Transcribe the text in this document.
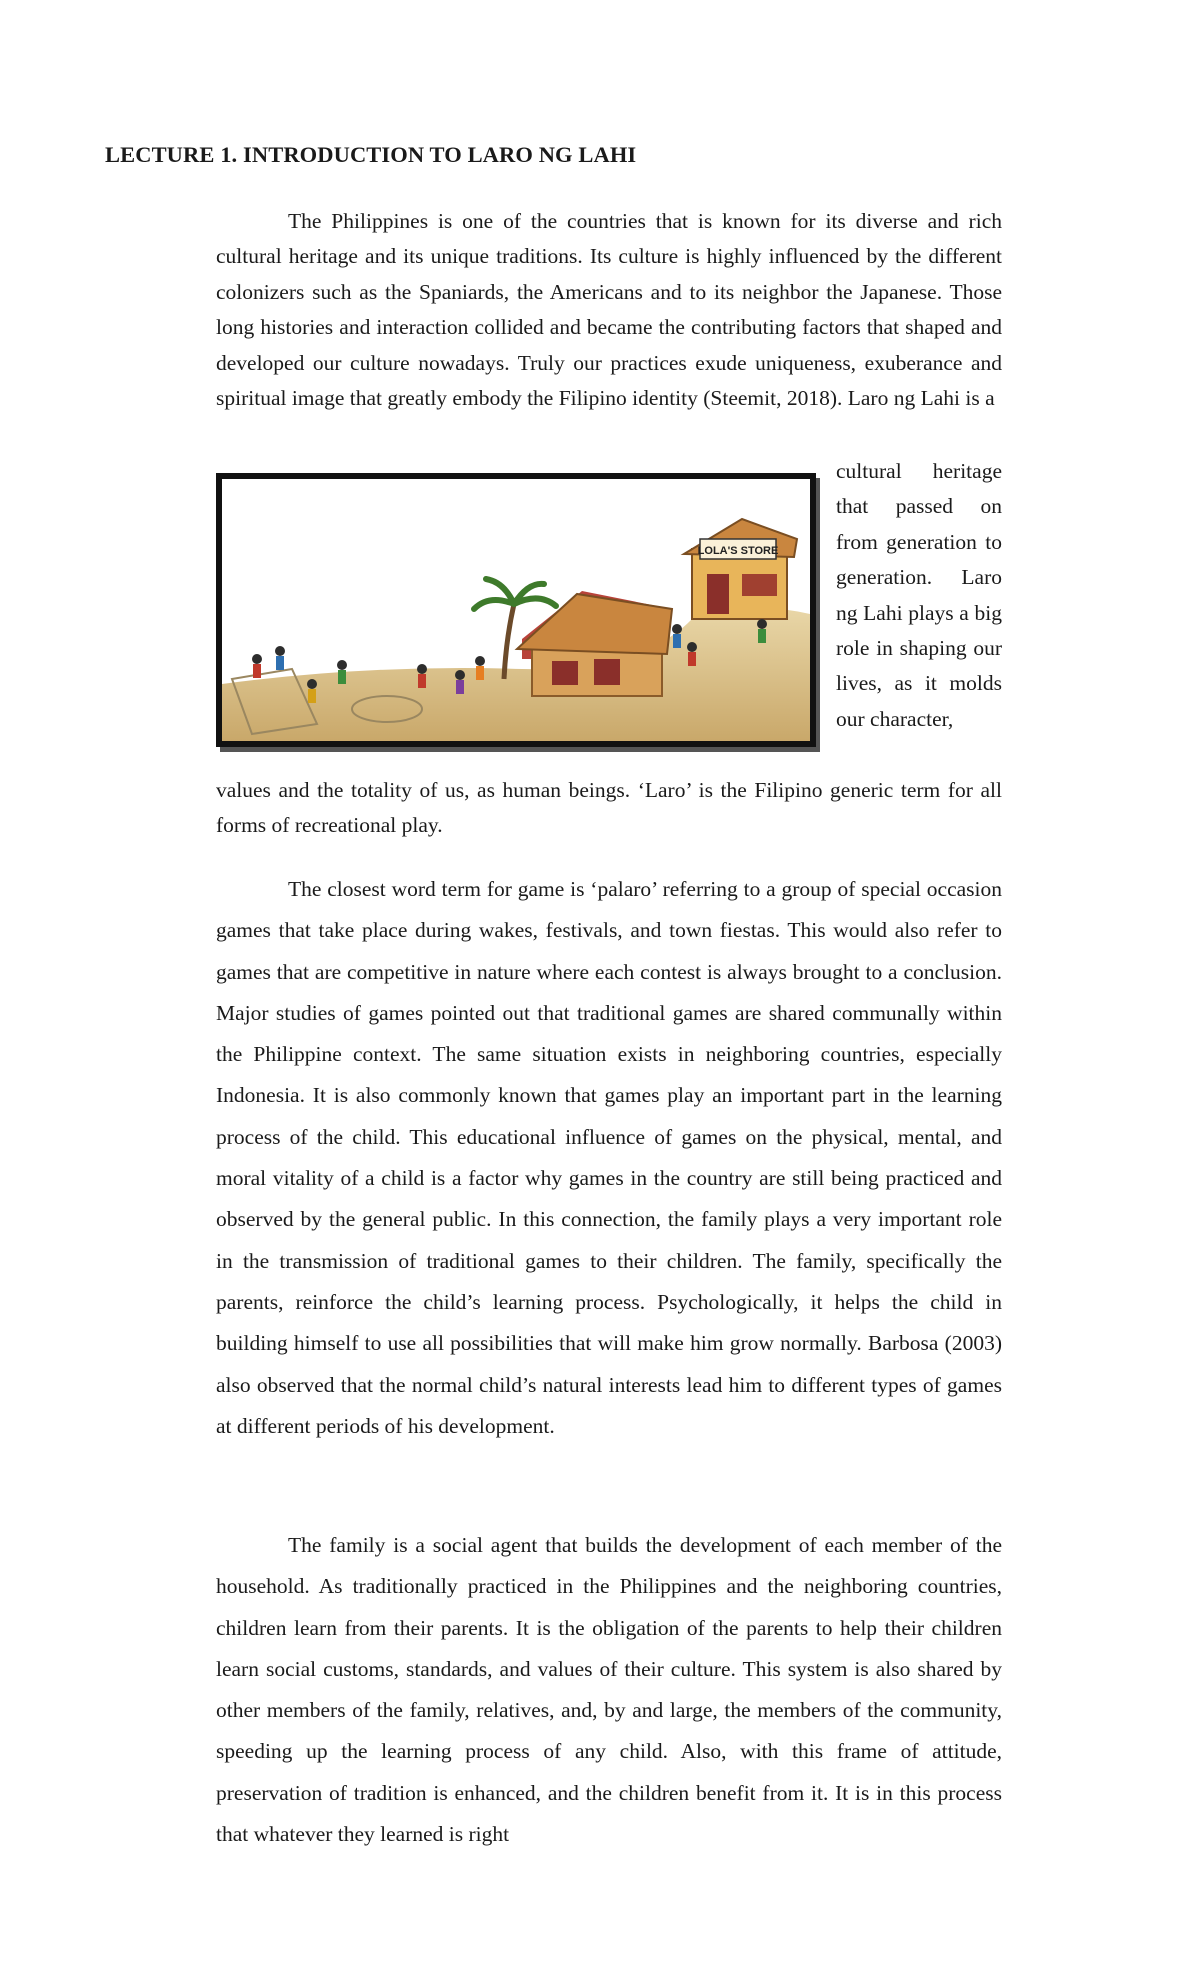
LECTURE 1. INTRODUCTION TO LARO NG LAHI

The Philippines is one of the countries that is known for its diverse and rich cultural heritage and its unique traditions. Its culture is highly influenced by the different colonizers such as the Spaniards, the Americans and to its neighbor the Japanese. Those long histories and interaction collided and became the contributing factors that shaped and developed our culture nowadays. Truly our practices exude uniqueness, exuberance and spiritual image that greatly embody the Filipino identity (Steemit, 2018). Laro ng Lahi is a

LOLA'S STORE

cultural heritage that passed on from generation to generation. Laro ng Lahi plays a big role in shaping our lives, as it molds our character,

values and the totality of us, as human beings. ‘Laro’ is the Filipino generic term for all forms of recreational play.

The closest word term for game is ‘palaro’ referring to a group of special occasion games that take place during wakes, festivals, and town fiestas. This would also refer to games that are competitive in nature where each contest is always brought to a conclusion. Major studies of games pointed out that traditional games are shared communally within the Philippine context. The same situation exists in neighboring countries, especially Indonesia. It is also commonly known that games play an important part in the learning process of the child. This educational influence of games on the physical, mental, and moral vitality of a child is a factor why games in the country are still being practiced and observed by the general public. In this connection, the family plays a very important role in the transmission of traditional games to their children. The family, specifically the parents, reinforce the child’s learning process. Psychologically, it helps the child in building himself to use all possibilities that will make him grow normally. Barbosa (2003) also observed that the normal child’s natural interests lead him to different types of games at different periods of his development.

The family is a social agent that builds the development of each member of the household. As traditionally practiced in the Philippines and the neighboring countries, children learn from their parents. It is the obligation of the parents to help their children learn social customs, standards, and values of their culture. This system is also shared by other members of the family, relatives, and, by and large, the members of the community, speeding up the learning process of any child. Also, with this frame of attitude, preservation of tradition is enhanced, and the children benefit from it. It is in this process that whatever they learned is right
